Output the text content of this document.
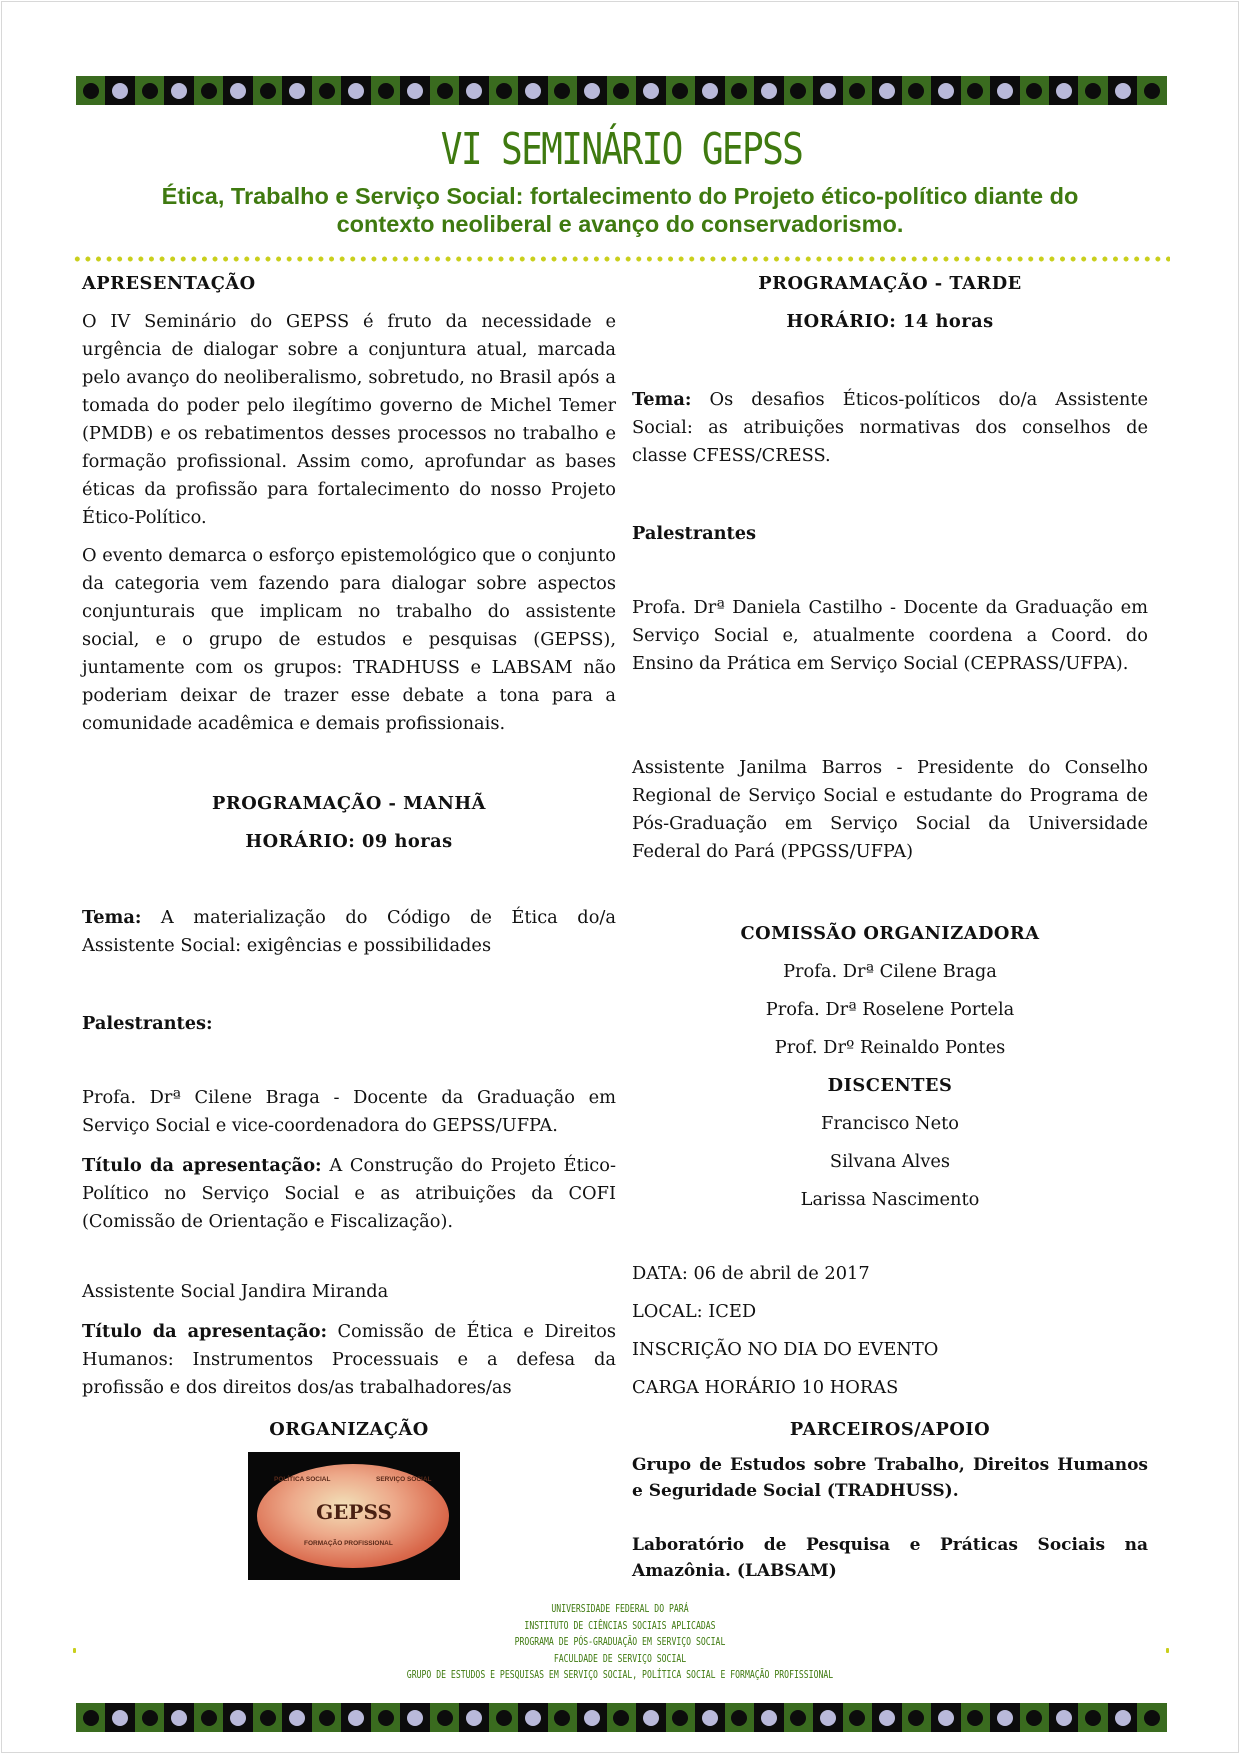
VI SEMINÁRIO GEPSS
Ética, Trabalho e Serviço Social: fortalecimento do Projeto ético-político diante do
contexto neoliberal e avanço do conservadorismo.
APRESENTAÇÃO
O IV Seminário do GEPSS é fruto da necessidade e urgência de dialogar sobre a conjuntura atual, marcada pelo avanço do neoliberalismo, sobretudo, no Brasil após a tomada do poder pelo ilegítimo governo de Michel Temer (PMDB) e os rebatimentos desses processos no trabalho e formação profissional. Assim como, aprofundar as bases éticas da profissão para fortalecimento do nosso Projeto Ético-Político.
O evento demarca o esforço epistemológico que o conjunto da categoria vem fazendo para dialogar sobre aspectos conjunturais que implicam no trabalho do assistente social, e o grupo de estudos e pesquisas (GEPSS), juntamente com os grupos: TRADHUSS e LABSAM não poderiam deixar de trazer esse debate a tona para a comunidade acadêmica e demais profissionais.
PROGRAMAÇÃO - MANHÃ
HORÁRIO: 09 horas
Tema: A materialização do Código de Ética do/a Assistente Social: exigências e possibilidades
Palestrantes:
Profa. Drª Cilene Braga - Docente da Graduação em Serviço Social e vice-coordenadora do GEPSS/UFPA.
Título da apresentação: A Construção do Projeto Ético-Político no Serviço Social e as atribuições da COFI (Comissão de Orientação e Fiscalização).
Assistente Social Jandira Miranda
Título da apresentação: Comissão de Ética e Direitos Humanos: Instrumentos Processuais e a defesa da profissão e dos direitos dos/as trabalhadores/as
ORGANIZAÇÃO
POLÍTICA SOCIAL	SERVIÇO SOCIAL
GEPSS
FORMAÇÃO PROFISSIONAL
PROGRAMAÇÃO - TARDE
HORÁRIO: 14 horas
Tema: Os desafios Éticos-políticos do/a Assistente Social: as atribuições normativas dos conselhos de classe CFESS/CRESS.
Palestrantes
Profa. Drª Daniela Castilho - Docente da Graduação em Serviço Social e, atualmente coordena a Coord. do Ensino da Prática em Serviço Social (CEPRASS/UFPA).
Assistente Janilma Barros - Presidente do Conselho Regional de Serviço Social e estudante do Programa de Pós-Graduação em Serviço Social da Universidade Federal do Pará (PPGSS/UFPA)
COMISSÃO ORGANIZADORA
Profa. Drª Cilene Braga
Profa. Drª Roselene Portela
Prof. Drº Reinaldo Pontes
DISCENTES
Francisco Neto
Silvana Alves
Larissa Nascimento
DATA: 06 de abril de 2017
LOCAL: ICED
INSCRIÇÃO NO DIA DO EVENTO
CARGA HORÁRIO 10 HORAS
PARCEIROS/APOIO
Grupo de Estudos sobre Trabalho, Direitos Humanos e Seguridade Social (TRADHUSS).
Laboratório de Pesquisa e Práticas Sociais na Amazônia. (LABSAM)
UNIVERSIDADE FEDERAL DO PARÁ
INSTITUTO DE CIÊNCIAS SOCIAIS APLICADAS
PROGRAMA DE PÓS-GRADUAÇÃO EM SERVIÇO SOCIAL
FACULDADE DE SERVIÇO SOCIAL
GRUPO DE ESTUDOS E PESQUISAS EM SERVIÇO SOCIAL, POLÍTICA SOCIAL E FORMAÇÃO PROFISSIONAL
